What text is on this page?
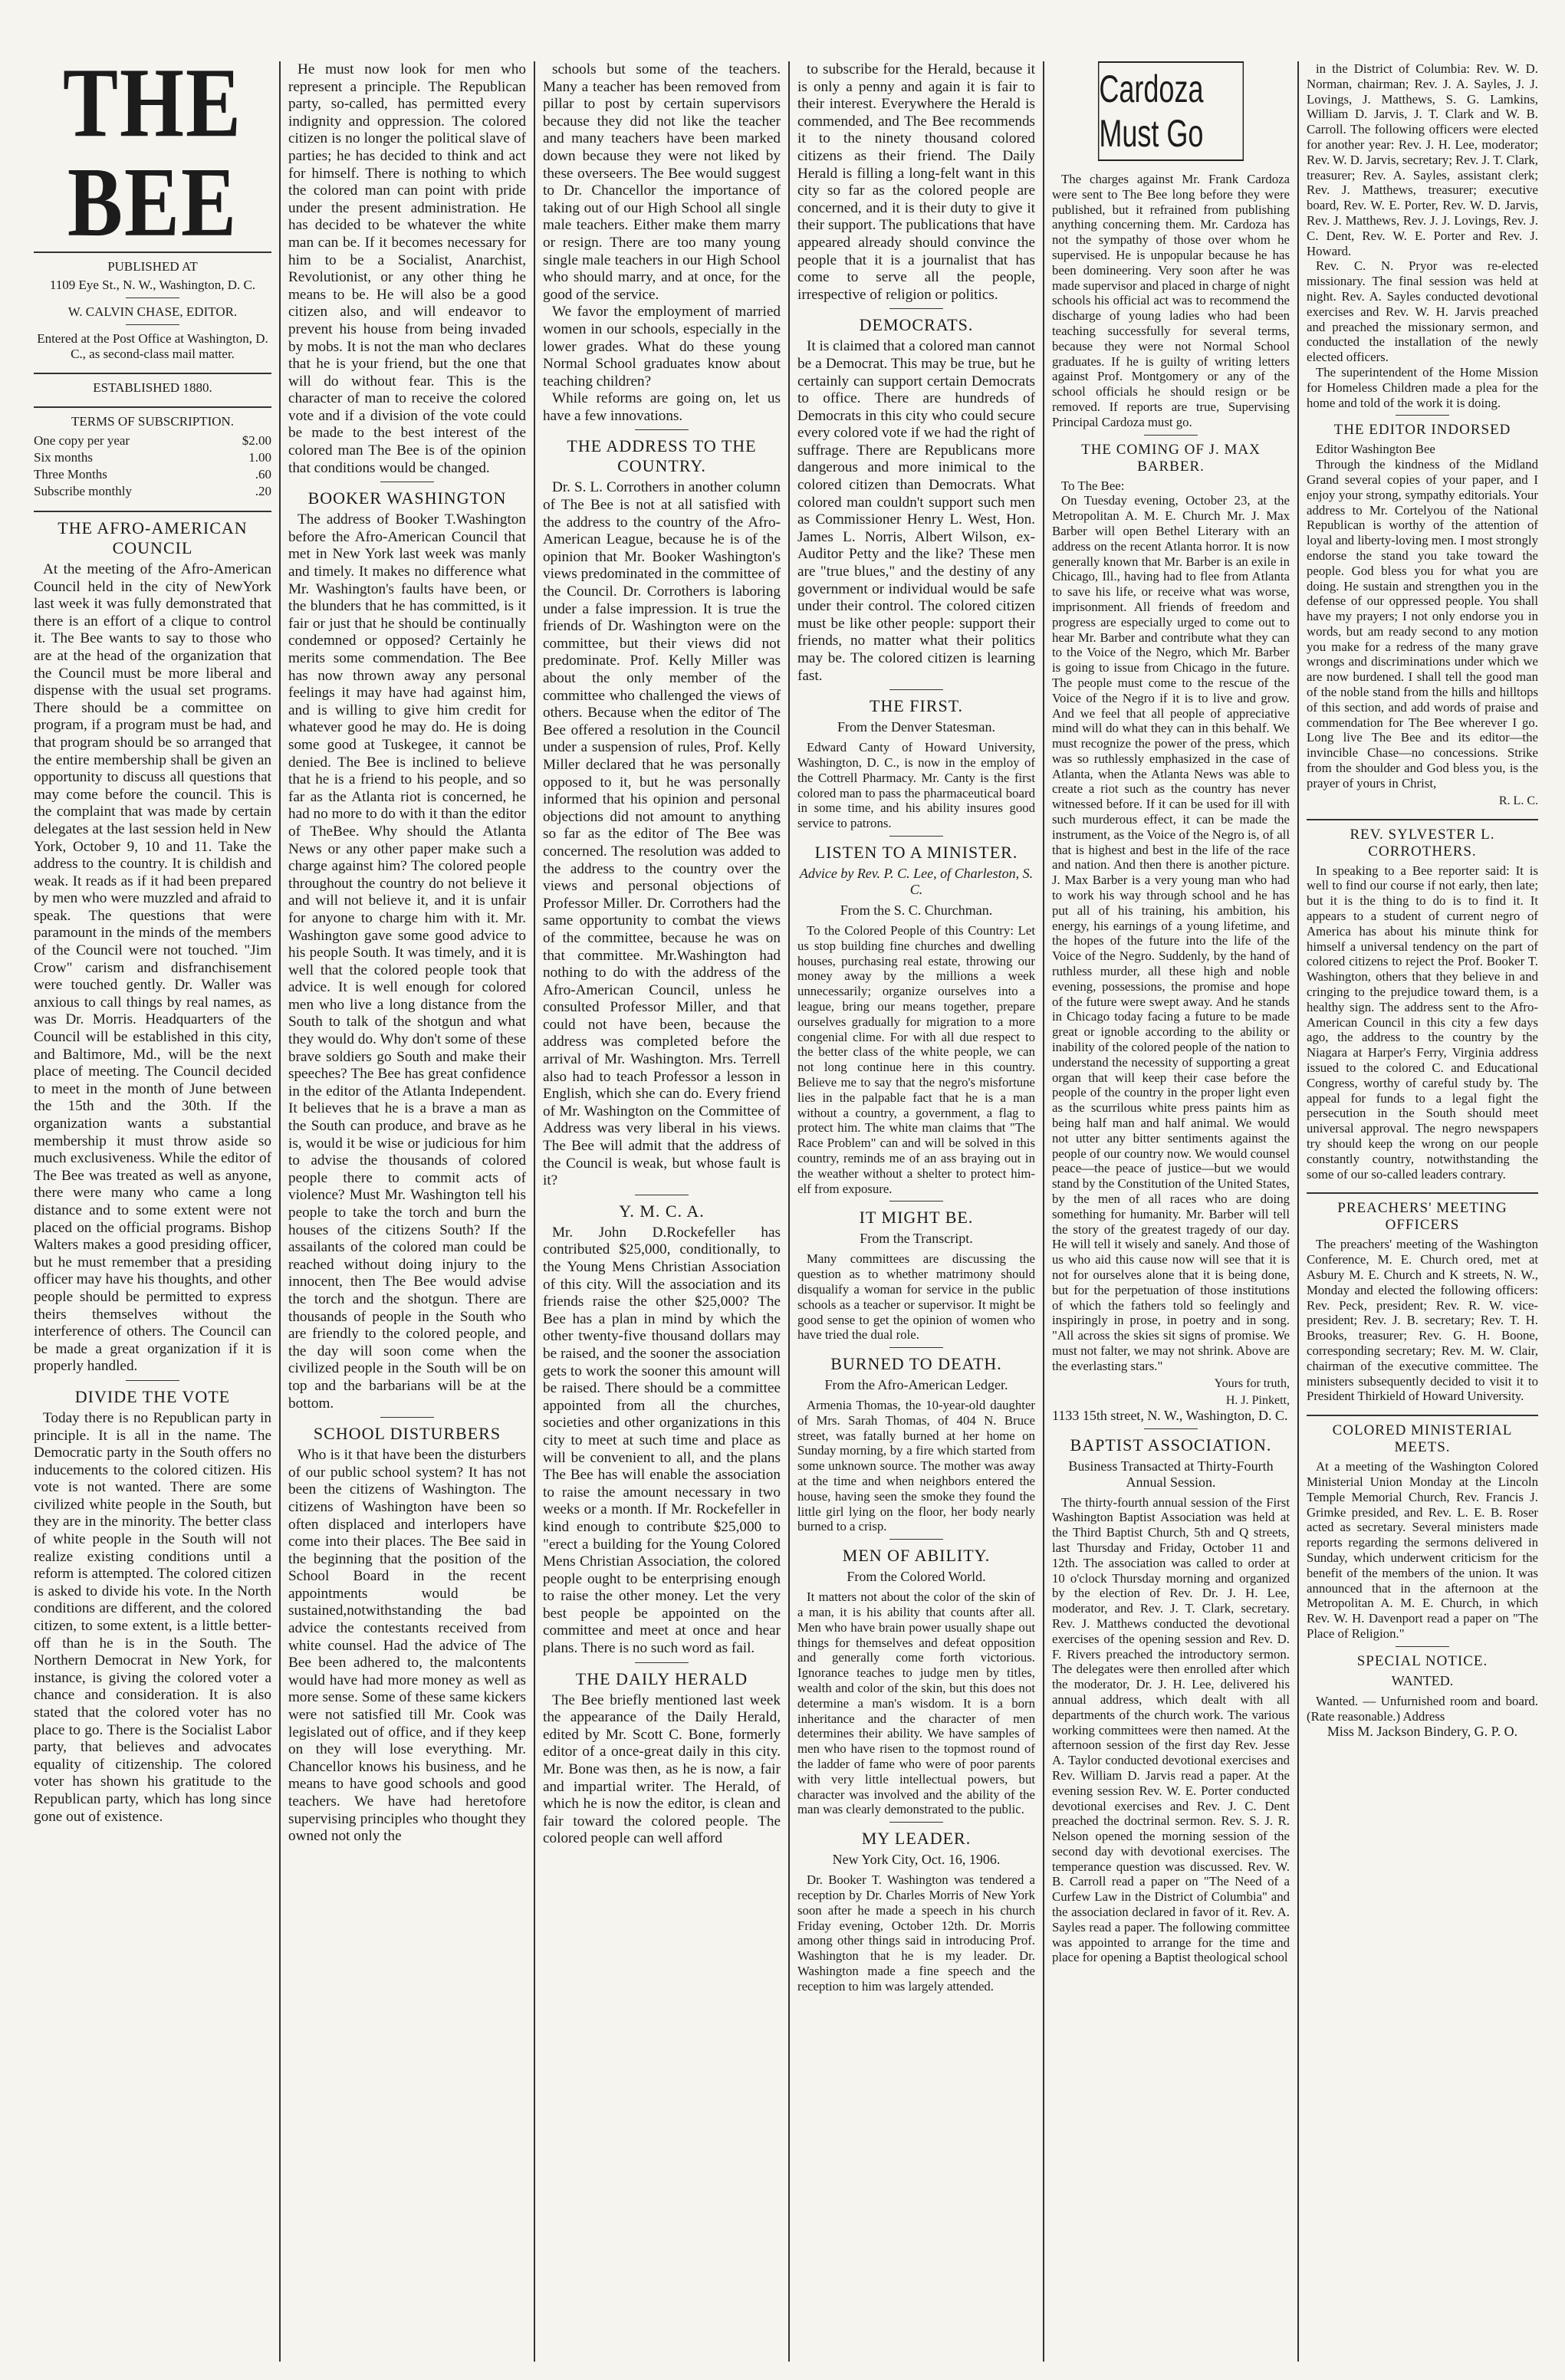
THE BEE
PUBLISHED AT
1109 Eye St., N. W., Washington, D. C.
W. CALVIN CHASE, EDITOR.
Entered at the Post Office at Washington, D. C., as second-class mail matter.
ESTABLISHED 1880.
TERMS OF SUBSCRIPTION.
One copy per year	$2.00
Six months	1.00
Three Months	.60
Subscribe monthly	.20
THE AFRO-AMERICAN COUNCIL

At the meeting of the Afro-American Council held in the city of NewYork last week it was fully demonstrated that there is an effort of a clique to control it. The Bee wants to say to those who are at the head of the organization that the Council must be more liberal and dispense with the usual set programs. There should be a committee on program, if a program must be had, and that program should be so arranged that the entire membership shall be given an opportunity to discuss all questions that may come before the council. This is the complaint that was made by certain delegates at the last session held in New York, October 9, 10 and 11. Take the address to the country. It is childish and weak. It reads as if it had been prepared by men who were muzzled and afraid to speak. The questions that were paramount in the minds of the members of the Council were not touched. "Jim Crow" carism and disfranchisement were touched gently. Dr. Waller was anxious to call things by real names, as was Dr. Morris. Headquarters of the Council will be established in this city, and Baltimore, Md., will be the next place of meeting. The Council decided to meet in the month of June between the 15th and the 30th. If the organization wants a substantial membership it must throw aside so much exclusiveness. While the editor of The Bee was treated as well as anyone, there were many who came a long distance and to some extent were not placed on the official programs. Bishop Walters makes a good presiding officer, but he must remember that a presiding officer may have his thoughts, and other people should be permitted to express theirs themselves without the interference of others. The Council can be made a great organization if it is properly handled.

DIVIDE THE VOTE

Today there is no Republican party in principle. It is all in the name. The Democratic party in the South offers no inducements to the colored citizen. His vote is not wanted. There are some civilized white people in the South, but they are in the minority. The better class of white people in the South will not realize existing conditions until a reform is attempted. The colored citizen is asked to divide his vote. In the North conditions are different, and the colored citizen, to some extent, is a little better-off than he is in the South. The Northern Democrat in New York, for instance, is giving the colored voter a chance and consideration. It is also stated that the colored voter has no place to go. There is the Socialist Labor party, that believes and advocates equality of citizenship. The colored voter has shown his gratitude to the Republican party, which has long since gone out of existence.

He must now look for men who represent a principle. The Republican party, so-called, has permitted every indignity and oppression. The colored citizen is no longer the political slave of parties; he has decided to think and act for himself. There is nothing to which the colored man can point with pride under the present administration. He has decided to be whatever the white man can be. If it becomes necessary for him to be a Socialist, Anarchist, Revolutionist, or any other thing he means to be. He will also be a good citizen also, and will endeavor to prevent his house from being invaded by mobs. It is not the man who declares that he is your friend, but the one that will do without fear. This is the character of man to receive the colored vote and if a division of the vote could be made to the best interest of the colored man The Bee is of the opinion that conditions would be changed.

BOOKER WASHINGTON

The address of Booker T.Washington before the Afro-American Council that met in New York last week was manly and timely. It makes no difference what Mr. Washington's faults have been, or the blunders that he has committed, is it fair or just that he should be continually condemned or opposed? Certainly he merits some commendation. The Bee has now thrown away any personal feelings it may have had against him, and is willing to give him credit for whatever good he may do. He is doing some good at Tuskegee, it cannot be denied. The Bee is inclined to believe that he is a friend to his people, and so far as the Atlanta riot is concerned, he had no more to do with it than the editor of TheBee. Why should the Atlanta News or any other paper make such a charge against him? The colored people throughout the country do not believe it and will not believe it, and it is unfair for anyone to charge him with it. Mr. Washington gave some good advice to his people South. It was timely, and it is well that the colored people took that advice. It is well enough for colored men who live a long distance from the South to talk of the shotgun and what they would do. Why don't some of these brave soldiers go South and make their speeches? The Bee has great confidence in the editor of the Atlanta Independent. It believes that he is a brave a man as the South can produce, and brave as he is, would it be wise or judicious for him to advise the thousands of colored people there to commit acts of violence? Must Mr. Washington tell his people to take the torch and burn the houses of the citizens South? If the assailants of the colored man could be reached without doing injury to the innocent, then The Bee would advise the torch and the shotgun. There are thousands of people in the South who are friendly to the colored people, and the day will soon come when the civilized people in the South will be on top and the barbarians will be at the bottom.

SCHOOL DISTURBERS

Who is it that have been the disturbers of our public school system? It has not been the citizens of Washington. The citizens of Washington have been so often displaced and interlopers have come into their places. The Bee said in the beginning that the position of the School Board in the recent appointments would be sustained,notwithstanding the bad advice the contestants received from white counsel. Had the advice of The Bee been adhered to, the malcontents would have had more money as well as more sense. Some of these same kickers were not satisfied till Mr. Cook was legislated out of office, and if they keep on they will lose everything. Mr. Chancellor knows his business, and he means to have good schools and good teachers. We have had heretofore supervising principles who thought they owned not only the

schools but some of the teachers. Many a teacher has been removed from pillar to post by certain supervisors because they did not like the teacher and many teachers have been marked down because they were not liked by these overseers. The Bee would suggest to Dr. Chancellor the importance of taking out of our High School all single male teachers. Either make them marry or resign. There are too many young single male teachers in our High School who should marry, and at once, for the good of the service.

We favor the employment of married women in our schools, especially in the lower grades. What do these young Normal School graduates know about teaching children?

While reforms are going on, let us have a few innovations.

THE ADDRESS TO THE COUNTRY.

Dr. S. L. Corrothers in another column of The Bee is not at all satisfied with the address to the country of the Afro-American League, because he is of the opinion that Mr. Booker Washington's views predominated in the committee of the Council. Dr. Corrothers is laboring under a false impression. It is true the friends of Dr. Washington were on the committee, but their views did not predominate. Prof. Kelly Miller was about the only member of the committee who challenged the views of others. Because when the editor of The Bee offered a resolution in the Council under a suspension of rules, Prof. Kelly Miller declared that he was personally opposed to it, but he was personally informed that his opinion and personal objections did not amount to anything so far as the editor of The Bee was concerned. The resolution was added to the address to the country over the views and personal objections of Professor Miller. Dr. Corrothers had the same opportunity to combat the views of the committee, because he was on that committee. Mr.Washington had nothing to do with the address of the Afro-American Council, unless he consulted Professor Miller, and that could not have been, because the address was completed before the arrival of Mr. Washington. Mrs. Terrell also had to teach Professor a lesson in English, which she can do. Every friend of Mr. Washington on the Committee of Address was very liberal in his views. The Bee will admit that the address of the Council is weak, but whose fault is it?

Y. M. C. A.

Mr. John D.Rockefeller has contributed $25,000, conditionally, to the Young Mens Christian Association of this city. Will the association and its friends raise the other $25,000? The Bee has a plan in mind by which the other twenty-five thousand dollars may be raised, and the sooner the association gets to work the sooner this amount will be raised. There should be a committee appointed from all the churches, societies and other organizations in this city to meet at such time and place as will be convenient to all, and the plans The Bee has will enable the association to raise the amount necessary in two weeks or a month. If Mr. Rockefeller in kind enough to contribute $25,000 to "erect a building for the Young Colored Mens Christian Association, the colored people ought to be enterprising enough to raise the other money. Let the very best people be appointed on the committee and meet at once and hear plans. There is no such word as fail.

THE DAILY HERALD

The Bee briefly mentioned last week the appearance of the Daily Herald, edited by Mr. Scott C. Bone, formerly editor of a once-great daily in this city. Mr. Bone was then, as he is now, a fair and impartial writer. The Herald, of which he is now the editor, is clean and fair toward the colored people. The colored people can well afford

to subscribe for the Herald, because it is only a penny and again it is fair to their interest. Everywhere the Herald is commended, and The Bee recommends it to the ninety thousand colored citizens as their friend. The Daily Herald is filling a long-felt want in this city so far as the colored people are concerned, and it is their duty to give it their support. The publications that have appeared already should convince the people that it is a journalist that has come to serve all the people, irrespective of religion or politics.

DEMOCRATS.

It is claimed that a colored man cannot be a Democrat. This may be true, but he certainly can support certain Democrats to office. There are hundreds of Democrats in this city who could secure every colored vote if we had the right of suffrage. There are Republicans more dangerous and more inimical to the colored citizen than Democrats. What colored man couldn't support such men as Commissioner Henry L. West, Hon. James L. Norris, Albert Wilson, ex-Auditor Petty and the like? These men are "true blues," and the destiny of any government or individual would be safe under their control. The colored citizen must be like other people: support their friends, no matter what their politics may be. The colored citizen is learning fast.

THE FIRST.
From the Denver Statesman.

Edward Canty of Howard University, Washington, D. C., is now in the employ of the Cottrell Pharmacy. Mr. Canty is the first colored man to pass the pharmaceutical board in some time, and his ability insures good service to patrons.

LISTEN TO A MINISTER.
Advice by Rev. P. C. Lee, of Charleston, S. C.
From the S. C. Churchman.

To the Colored People of this Country: Let us stop building fine churches and dwelling houses, purchasing real estate, throwing our money away by the millions a week unnecessarily; organize ourselves into a league, bring our means together, prepare ourselves gradually for migration to a more congenial clime. For with all due respect to the better class of the white people, we can not long continue here in this country. Believe me to say that the negro's misfortune lies in the palpable fact that he is a man without a country, a government, a flag to protect him. The white man claims that "The Race Problem" can and will be solved in this country, reminds me of an ass braying out in the weather without a shelter to protect him-elf from exposure.

IT MIGHT BE.
From the Transcript.

Many committees are discussing the question as to whether matrimony should disqualify a woman for service in the public schools as a teacher or supervisor. It might be good sense to get the opinion of women who have tried the dual role.

BURNED TO DEATH.
From the Afro-American Ledger.

Armenia Thomas, the 10-year-old daughter of Mrs. Sarah Thomas, of 404 N. Bruce street, was fatally burned at her home on Sunday morning, by a fire which started from some unknown source. The mother was away at the time and when neighbors entered the house, having seen the smoke they found the little girl lying on the floor, her body nearly burned to a crisp.

MEN OF ABILITY.
From the Colored World.

It matters not about the color of the skin of a man, it is his ability that counts after all. Men who have brain power usually shape out things for themselves and defeat opposition and generally come forth victorious. Ignorance teaches to judge men by titles, wealth and color of the skin, but this does not determine a man's wisdom. It is a born inheritance and the character of men determines their ability. We have samples of men who have risen to the topmost round of the ladder of fame who were of poor parents with very little intellectual powers, but character was involved and the ability of the man was clearly demonstrated to the public.

MY LEADER.
New York City, Oct. 16, 1906.

Dr. Booker T. Washington was tendered a reception by Dr. Charles Morris of New York soon after he made a speech in his church Friday evening, October 12th. Dr. Morris among other things said in introducing Prof. Washington that he is my leader. Dr. Washington made a fine speech and the reception to him was largely attended.

Cardoza Must Go

The charges against Mr. Frank Cardoza were sent to The Bee long before they were published, but it refrained from publishing anything concerning them. Mr. Cardoza has not the sympathy of those over whom he supervised. He is unpopular because he has been domineering. Very soon after he was made supervisor and placed in charge of night schools his official act was to recommend the discharge of young ladies who had been teaching successfully for several terms, because they were not Normal School graduates. If he is guilty of writing letters against Prof. Montgomery or any of the school officials he should resign or be removed. If reports are true, Supervising Principal Cardoza must go.

THE COMING OF J. MAX BARBER.

To The Bee:

On Tuesday evening, October 23, at the Metropolitan A. M. E. Church Mr. J. Max Barber will open Bethel Literary with an address on the recent Atlanta horror. It is now generally known that Mr. Barber is an exile in Chicago, Ill., having had to flee from Atlanta to save his life, or receive what was worse, imprisonment. All friends of freedom and progress are especially urged to come out to hear Mr. Barber and contribute what they can to the Voice of the Negro, which Mr. Barber is going to issue from Chicago in the future. The people must come to the rescue of the Voice of the Negro if it is to live and grow. And we feel that all people of appreciative mind will do what they can in this behalf. We must recognize the power of the press, which was so ruthlessly emphasized in the case of Atlanta, when the Atlanta News was able to create a riot such as the country has never witnessed before. If it can be used for ill with such murderous effect, it can be made the instrument, as the Voice of the Negro is, of all that is highest and best in the life of the race and nation. And then there is another picture. J. Max Barber is a very young man who had to work his way through school and he has put all of his training, his ambition, his energy, his earnings of a young lifetime, and the hopes of the future into the life of the Voice of the Negro. Suddenly, by the hand of ruthless murder, all these high and noble evening, possessions, the promise and hope of the future were swept away. And he stands in Chicago today facing a future to be made great or ignoble according to the ability or inability of the colored people of the nation to understand the necessity of supporting a great organ that will keep their case before the people of the country in the proper light even as the scurrilous white press paints him as being half man and half animal. We would not utter any bitter sentiments against the people of our country now. We would counsel peace—the peace of justice—but we would stand by the Constitution of the United States, by the men of all races who are doing something for humanity. Mr. Barber will tell the story of the greatest tragedy of our day. He will tell it wisely and sanely. And those of us who aid this cause now will see that it is not for ourselves alone that it is being done, but for the perpetuation of those institutions of which the fathers told so feelingly and inspiringly in prose, in poetry and in song. "All across the skies sit signs of promise. We must not falter, we may not shrink. Above are the everlasting stars."

Yours for truth,
H. J. Pinkett,
1133 15th street, N. W., Washington, D. C.
BAPTIST ASSOCIATION.
Business Transacted at Thirty-Fourth Annual Session.

The thirty-fourth annual session of the First Washington Baptist Association was held at the Third Baptist Church, 5th and Q streets, last Thursday and Friday, October 11 and 12th. The association was called to order at 10 o'clock Thursday morning and organized by the election of Rev. Dr. J. H. Lee, moderator, and Rev. J. T. Clark, secretary. Rev. J. Matthews conducted the devotional exercises of the opening session and Rev. D. F. Rivers preached the introductory sermon. The delegates were then enrolled after which the moderator, Dr. J. H. Lee, delivered his annual address, which dealt with all departments of the church work. The various working committees were then named. At the afternoon session of the first day Rev. Jesse A. Taylor conducted devotional exercises and Rev. William D. Jarvis read a paper. At the evening session Rev. W. E. Porter conducted devotional exercises and Rev. J. C. Dent preached the doctrinal sermon. Rev. S. J. R. Nelson opened the morning session of the second day with devotional exercises. The temperance question was discussed. Rev. W. B. Carroll read a paper on "The Need of a Curfew Law in the District of Columbia" and the association declared in favor of it. Rev. A. Sayles read a paper. The following committee was appointed to arrange for the time and place for opening a Baptist theological school

in the District of Columbia: Rev. W. D. Norman, chairman; Rev. J. A. Sayles, J. J. Lovings, J. Matthews, S. G. Lamkins, William D. Jarvis, J. T. Clark and W. B. Carroll. The following officers were elected for another year: Rev. J. H. Lee, moderator; Rev. W. D. Jarvis, secretary; Rev. J. T. Clark, treasurer; Rev. A. Sayles, assistant clerk; Rev. J. Matthews, treasurer; executive board, Rev. W. E. Porter, Rev. W. D. Jarvis, Rev. J. Matthews, Rev. J. J. Lovings, Rev. J. C. Dent, Rev. W. E. Porter and Rev. J. Howard.

Rev. C. N. Pryor was re-elected missionary. The final session was held at night. Rev. A. Sayles conducted devotional exercises and Rev. W. H. Jarvis preached and preached the missionary sermon, and conducted the installation of the newly elected officers.

The superintendent of the Home Mission for Homeless Children made a plea for the home and told of the work it is doing.

THE EDITOR INDORSED

Editor Washington Bee

Through the kindness of the Midland Grand several copies of your paper, and I enjoy your strong, sympathy editorials. Your address to Mr. Cortelyou of the National Republican is worthy of the attention of loyal and liberty-loving men. I most strongly endorse the stand you take toward the people. God bless you for what you are doing. He sustain and strengthen you in the defense of our oppressed people. You shall have my prayers; I not only endorse you in words, but am ready second to any motion you make for a redress of the many grave wrongs and discriminations under which we are now burdened. I shall tell the good man of the noble stand from the hills and hilltops of this section, and add words of praise and commendation for The Bee wherever I go. Long live The Bee and its editor—the invincible Chase—no concessions. Strike from the shoulder and God bless you, is the prayer of yours in Christ,

R. L. C.
REV. SYLVESTER L. CORROTHERS.

In speaking to a Bee reporter said: It is well to find our course if not early, then late; but it is the thing to do is to find it. It appears to a student of current negro of America has about his minute think for himself a universal tendency on the part of colored citizens to reject the Prof. Booker T. Washington, others that they believe in and cringing to the prejudice toward them, is a healthy sign. The address sent to the Afro-American Council in this city a few days ago, the address to the country by the Niagara at Harper's Ferry, Virginia address issued to the colored C. and Educational Congress, worthy of careful study by. The appeal for funds to a legal fight the persecution in the South should meet universal approval. The negro newspapers try should keep the wrong on our people constantly country, notwithstanding the some of our so-called leaders contrary.

PREACHERS' MEETING OFFICERS

The preachers' meeting of the Washington Conference, M. E. Church ored, met at Asbury M. E. Church and K streets, N. W., Monday and elected the following officers: Rev. Peck, president; Rev. R. W. vice-president; Rev. J. B. secretary; Rev. T. H. Brooks, treasurer; Rev. G. H. Boone, corresponding secretary; Rev. M. W. Clair, chairman of the executive committee. The ministers subsequently decided to visit it to President Thirkield of Howard University.

COLORED MINISTERIAL MEETS.

At a meeting of the Washington Colored Ministerial Union Monday at the Lincoln Temple Memorial Church, Rev. Francis J. Grimke presided, and Rev. L. E. B. Roser acted as secretary. Several ministers made reports regarding the sermons delivered in Sunday, which underwent criticism for the benefit of the members of the union. It was announced that in the afternoon at the Metropolitan A. M. E. Church, in which Rev. W. H. Davenport read a paper on "The Place of Religion."

SPECIAL NOTICE.
WANTED.

Wanted. — Unfurnished room and board. (Rate reasonable.) Address

Miss M. Jackson Bindery, G. P. O.
